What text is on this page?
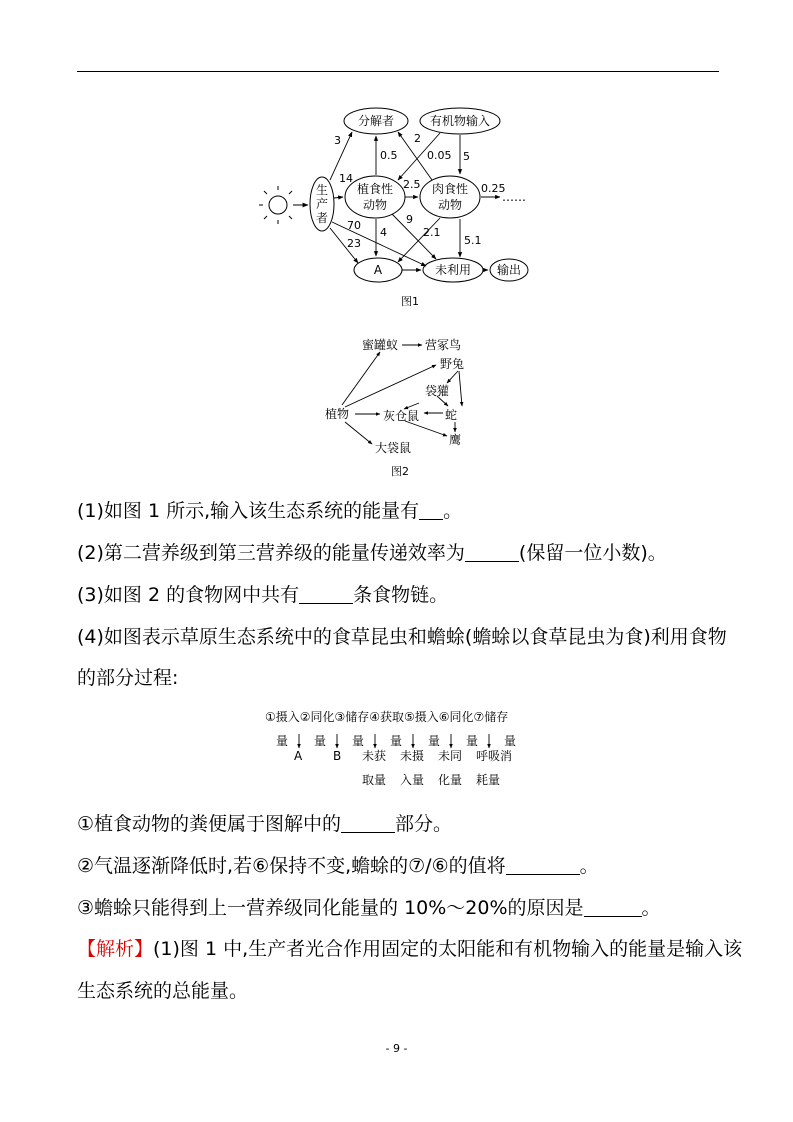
分解者	有机物输入
生
产
者
植食性
动物
肉食性
动物
A	未利用 输出
……
3	2
0.5	0.05 5
14	2.5	0.25
70	9
4	2.1
23	5.1
图1
蜜罐蚁 营冢鸟
野兔
植物
袋獾
灰仓鼠 蛇
鹰
大袋鼠
图2
(1)如图 1 所示,输入该生态系统的能量有 。
(2)第二营养级到第三营养级的能量传递效率为	(保留一位小数)。
(3)如图 2 的食物网中共有	条食物链。
(4)如图表示草原生态系统中的食草昆虫和蟾蜍(蟾蜍以食草昆虫为食)利用食物
的部分过程:
①摄入②同化③储存④获取⑤摄入⑥同化⑦储存
量 量 量 量 量 量 量
A	B 未获
取量
未摄
入量
未同
化量
呼吸消
耗量
①植食动物的粪便属于图解中的	部分。
②气温逐渐降低时,若⑥保持不变,蟾蜍的⑦/⑥的值将	。
③蟾蜍只能得到上一营养级同化能量的 10%～20%的原因是	。
【解析】(1)图 1 中,生产者光合作用固定的太阳能和有机物输入的能量是输入该
生态系统的总能量。
- 9 -
